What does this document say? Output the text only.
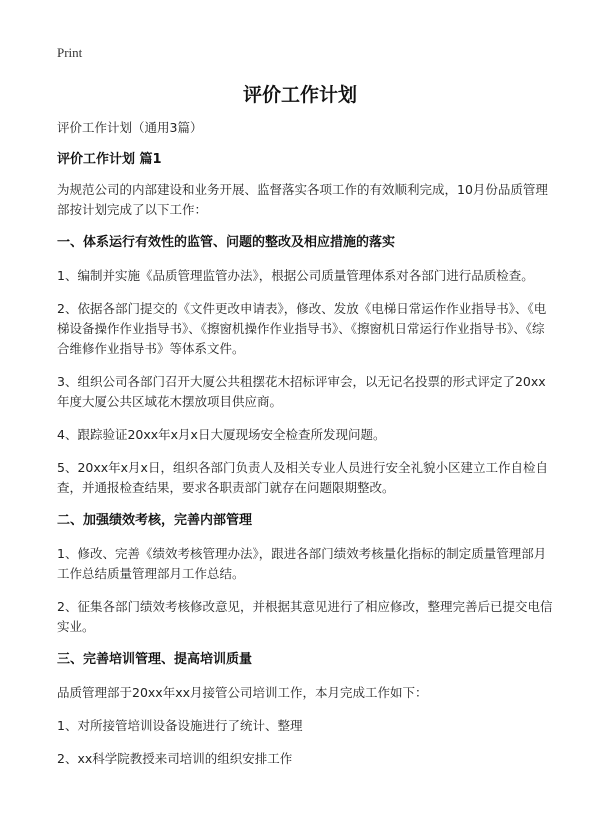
Print
评价工作计划

评价工作计划（通用3篇）

评价工作计划 篇1

为规范公司的内部建设和业务开展、监督落实各项工作的有效顺利完成，10月份品质管理部按计划完成了以下工作：

一、体系运行有效性的监管、问题的整改及相应措施的落实

1、编制并实施《品质管理监管办法》，根据公司质量管理体系对各部门进行品质检查。

2、依据各部门提交的《文件更改申请表》，修改、发放《电梯日常运作作业指导书》、《电梯设备操作作业指导书》、《擦窗机操作作业指导书》、《擦窗机日常运行作业指导书》、《综合维修作业指导书》等体系文件。

3、组织公司各部门召开大厦公共租摆花木招标评审会，以无记名投票的形式评定了20xx年度大厦公共区域花木摆放项目供应商。

4、跟踪验证20xx年x月x日大厦现场安全检查所发现问题。

5、20xx年x月x日，组织各部门负责人及相关专业人员进行安全礼貌小区建立工作自检自查，并通报检查结果，要求各职责部门就存在问题限期整改。

二、加强绩效考核，完善内部管理

1、修改、完善《绩效考核管理办法》，跟进各部门绩效考核量化指标的制定质量管理部月工作总结质量管理部月工作总结。

2、征集各部门绩效考核修改意见，并根据其意见进行了相应修改，整理完善后已提交电信实业。

三、完善培训管理、提高培训质量

品质管理部于20xx年xx月接管公司培训工作，本月完成工作如下：

1、对所接管培训设备设施进行了统计、整理

2、xx科学院教授来司培训的组织安排工作
